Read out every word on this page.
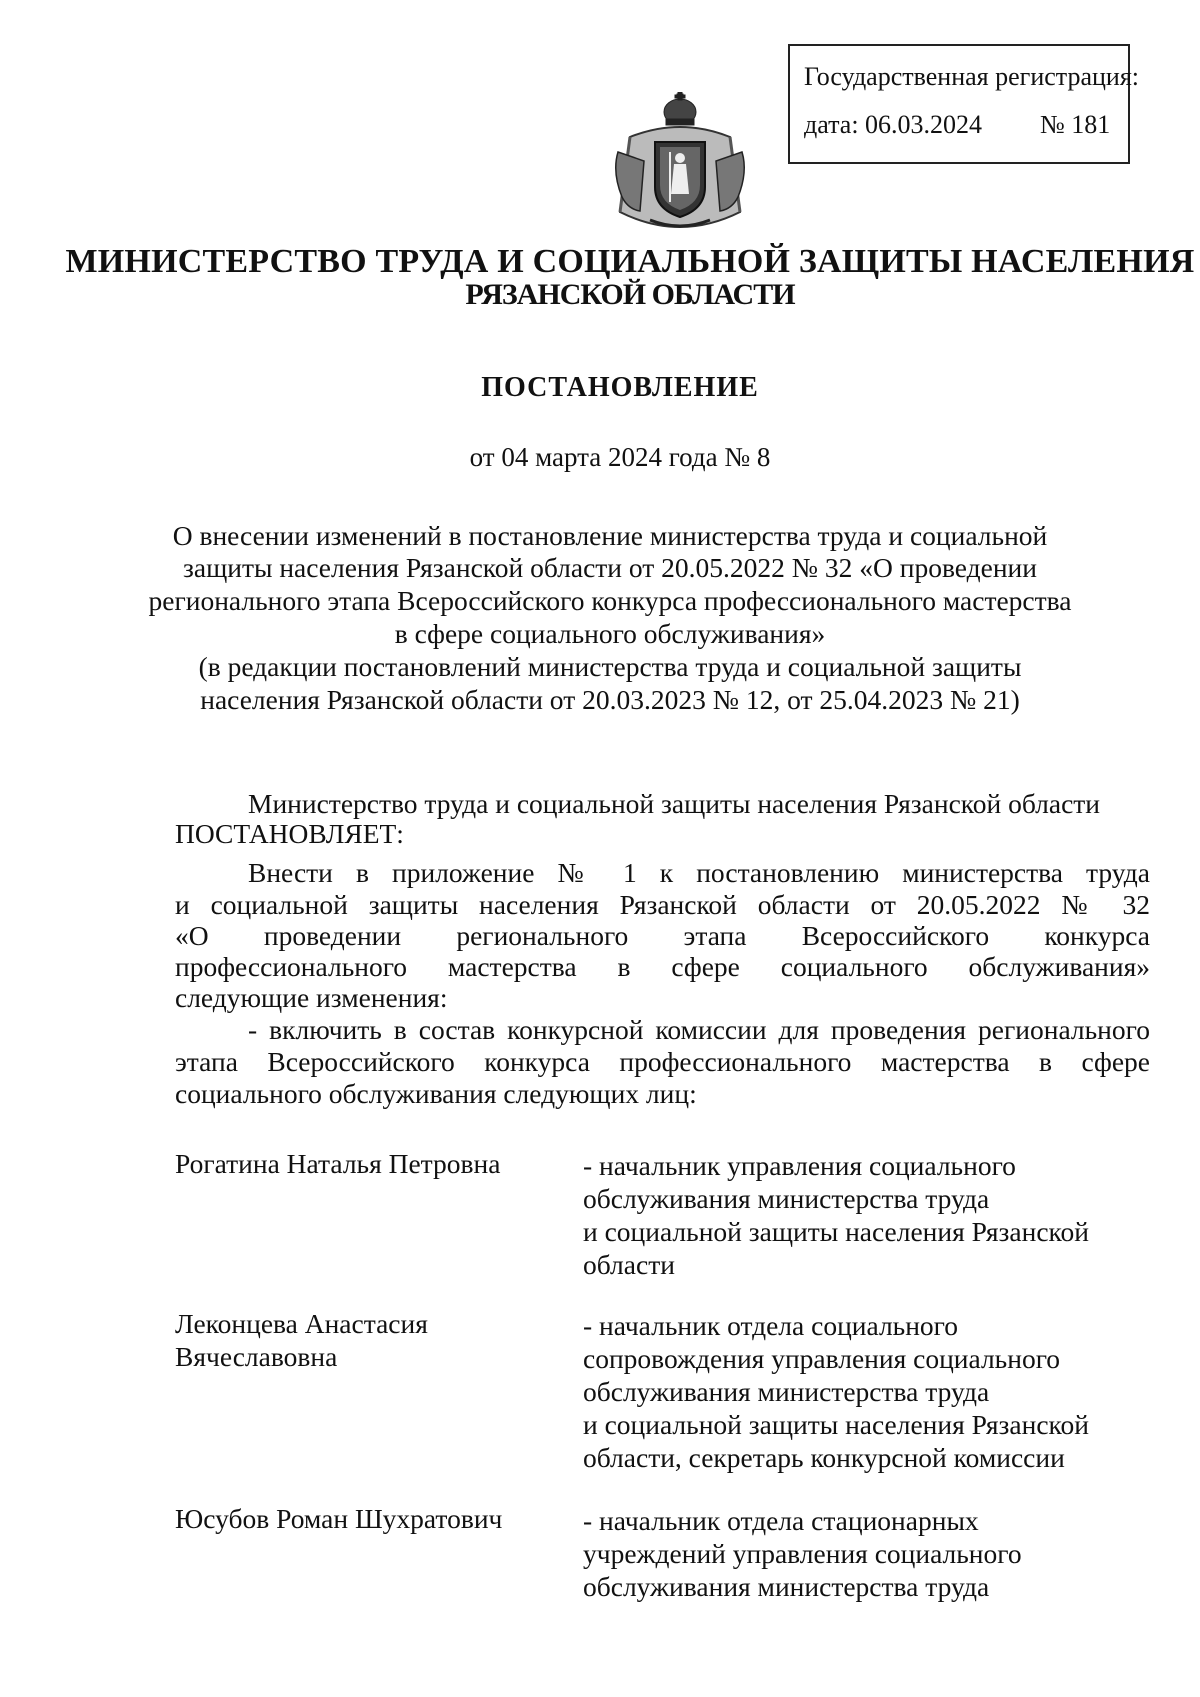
Государственная регистрация:
дата: 06.03.2024 № 181
МИНИСТЕРСТВО ТРУДА И СОЦИАЛЬНОЙ ЗАЩИТЫ НАСЕЛЕНИЯ
РЯЗАНСКОЙ ОБЛАСТИ
ПОСТАНОВЛЕНИЕ
от 04 марта 2024 года № 8
О внесении изменений в постановление министерства труда и социальной
защиты населения Рязанской области от 20.05.2022 № 32 «О проведении
регионального этапа Всероссийского конкурса профессионального мастерства
в сфере социального обслуживания»
(в редакции постановлений министерства труда и социальной защиты
населения Рязанской области от 20.03.2023 № 12, от 25.04.2023 № 21)
Министерство труда и социальной защиты населения Рязанской области
ПОСТАНОВЛЯЕТ:
Внести в приложение № 1 к постановлению министерства труда
и социальной защиты населения Рязанской области от 20.05.2022 № 32
«О проведении регионального этапа Всероссийского конкурса
профессионального мастерства в сфере социального обслуживания»
следующие изменения:
- включить в состав конкурсной комиссии для проведения регионального
этапа Всероссийского конкурса профессионального мастерства в сфере
социального обслуживания следующих лиц:
Рогатина Наталья Петровна	- начальник управления социального
обслуживания министерства труда
и социальной защиты населения Рязанской
области
Леконцева Анастасия
Вячеславовна
- начальник отдела социального
сопровождения управления социального
обслуживания министерства труда
и социальной защиты населения Рязанской
области, секретарь конкурсной комиссии
Юсубов Роман Шухратович	- начальник отдела стационарных
учреждений управления социального
обслуживания министерства труда
